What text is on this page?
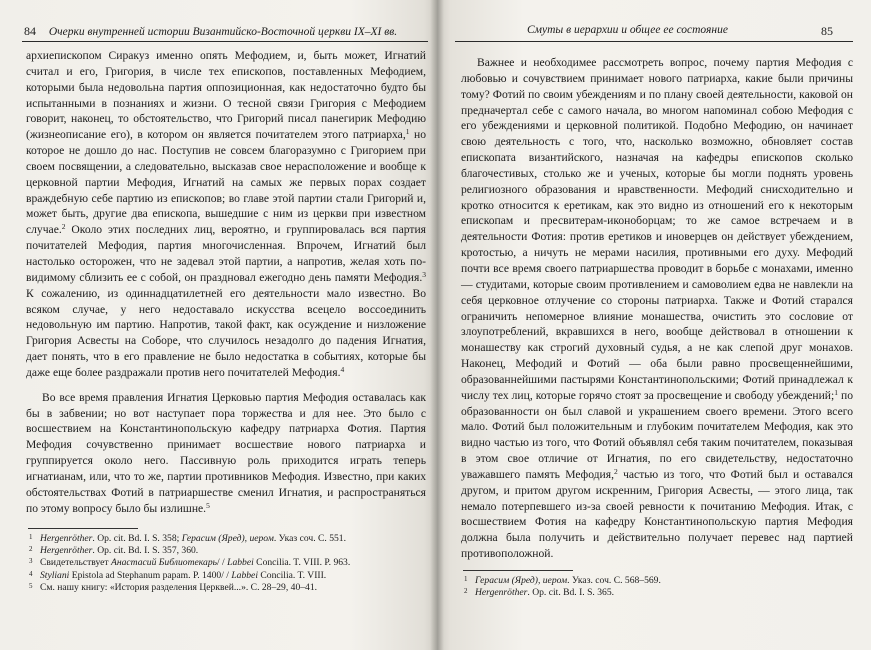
84 Очерки внутренней истории Византийско-Восточной церкви IX–XI вв.

архиепископом Сиракуз именно опять Мефодием, и, быть может, Игнатий считал и его, Григория, в числе тех епископов, поставленных Мефодием, которыми была недовольна партия оппозиционная, как недостаточно будто бы испытанными в познаниях и жизни. О тесной связи Григория с Мефодием говорит, наконец, то обстоятельство, что Григорий писал панегирик Мефодию (жизнеописание его), в котором он является почитателем этого патриарха,$^1$ но которое не дошло до нас. Поступив не совсем благоразумно с Григорием при своем посвящении, а следовательно, высказав свое нерасположение и вообще к церковной партии Мефодия, Игнатий на самых же первых порах создает враждебную себе партию из епископов; во главе этой партии стали Григорий и, может быть, другие два епископа, вышедшие с ним из церкви при известном случае.$^2$ Около этих последних лиц, вероятно, и группировалась вся партия почитателей Мефодия, партия многочисленная. Впрочем, Игнатий был настолько осторожен, что не задевал этой партии, а напротив, желая хоть по-видимому сблизить ее с собой, он праздновал ежегодно день памяти Мефодия.$^3$ К сожалению, из одиннадцатилетней его деятельности мало известно. Во всяком случае, у него недоставало искусства всецело воссоединить недовольную им партию. Напротив, такой факт, как осуждение и низложение Григория Асвесты на Соборе, что случилось незадолго до падения Игнатия, дает понять, что в его правление не было недостатка в событиях, которые бы даже еще более раздражали против него почитателей Мефодия.$^4$

Во все время правления Игнатия Церковью партия Мефодия оставалась как бы в забвении; но вот наступает пора торжества и для нее. Это было с восшествием на Константинопольскую кафедру патриарха Фотия. Партия Мефодия сочувственно принимает восшествие нового патриарха и группируется около него. Пассивную роль приходится играть теперь игнатианам, или, что то же, партии противников Мефодия. Известно, при каких обстоятельствах Фотий в патриаршестве сменил Игнатия, и распространяться по этому вопросу было бы излишне.$^5$

1 Hergenröther. Op. cit. Bd. I. S. 358; Герасим (Яред), иером. Указ соч. С. 551.
2 Hergenröther. Op. cit. Bd. I. S. 357, 360.
3 Свидетельствует Анастасий Библиотекарь/ / Labbei Concilia. T. VIII. P. 963.
4 Styliani Epistola ad Stephanum papam. P. 1400/ / Labbei Concilia. T. VIII.
5 См. нашу книгу: «История разделения Церквей...». С. 28–29, 40–41.
Смуты в иерархии и общее ее состояние	85

Важнее и необходимее рассмотреть вопрос, почему партия Мефодия с любовью и сочувствием принимает нового патриарха, какие были причины тому? Фотий по своим убеждениям и по плану своей деятельности, каковой он предначертал себе с самого начала, во многом напоминал собою Мефодия с его убеждениями и церковной политикой. Подобно Мефодию, он начинает свою деятельность с того, что, насколько возможно, обновляет состав епископата византийского, назначая на кафедры епископов сколько благочестивых, столько же и ученых, которые бы могли поднять уровень религиозного образования и нравственности. Мефодий снисходительно и кротко относится к еретикам, как это видно из отношений его к некоторым епископам и пресвитерам-иконоборцам; то же самое встречаем и в деятельности Фотия: против еретиков и иноверцев он действует убеждением, кротостью, а ничуть не мерами насилия, противными его духу. Мефодий почти все время своего патриаршества проводит в борьбе с монахами, именно — студитами, которые своим противлением и самоволием едва не навлекли на себя церковное отлучение со стороны патриарха. Также и Фотий старался ограничить непомерное влияние монашества, очистить это сословие от злоупотреблений, вкравшихся в него, вообще действовал в отношении к монашеству как строгий духовный судья, а не как слепой друг монахов. Наконец, Мефодий и Фотий — оба были равно просвещеннейшими, образованнейшими пастырями Константинопольскими; Фотий принадлежал к числу тех лиц, которые горячо стоят за просвещение и свободу убеждений;$^1$ по образованности он был славой и украшением своего времени. Этого всего мало. Фотий был положительным и глубоким почитателем Мефодия, как это видно частью из того, что Фотий объявлял себя таким почитателем, показывая в этом свое отличие от Игнатия, по его свидетельству, недостаточно уважавшего память Мефодия,$^2$ частью из того, что Фотий был и оставался другом, и притом другом искренним, Григория Асвесты, — этого лица, так немало потерпевшего из-за своей ревности к почитанию Мефодия. Итак, с восшествием Фотия на кафедру Константинопольскую партия Мефодия должна была получить и действительно получает перевес над партией противоположной.

1 Герасим (Яред), иером. Указ. соч. С. 568–569.
2 Hergenröther. Op. cit. Bd. I. S. 365.
